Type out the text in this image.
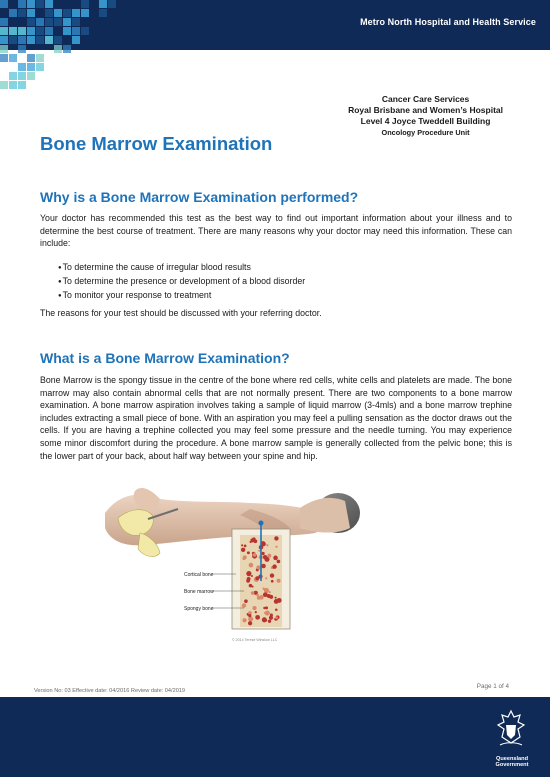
Metro North Hospital and Health Service
Cancer Care Services
Royal Brisbane and Women’s Hospital
Level 4 Joyce Tweddell Building
Oncology Procedure Unit
Bone Marrow Examination
Why is a Bone Marrow Examination performed?

Your doctor has recommended this test as the best way to find out important information about your illness and to determine the best course of treatment. There are many reasons why your doctor may need this information. These can include:

● To determine the cause of irregular blood results
● To determine the presence or development of a blood disorder
● To monitor your response to treatment

The reasons for your test should be discussed with your referring doctor.

What is a Bone Marrow Examination?

Bone Marrow is the spongy tissue in the centre of the bone where red cells, white cells and platelets are made. The bone marrow may also contain abnormal cells that are not normally present. There are two components to a bone marrow examination. A bone marrow aspiration involves taking a sample of liquid marrow (3-4mls) and a bone marrow trephine includes extracting a small piece of bone. With an aspiration you may feel a pulling sensation as the doctor draws out the cells. If you are having a trephine collected you may feel some pressure and the needle turning. You may experience some minor discomfort during the procedure. A bone marrow sample is generally collected from the pelvic bone; this is the lower part of your back, about half way between your spine and hip.

Cortical bone
Bone marrow
Spongy bone
© 2014 Terese Winslow LLC
Version No: 03 Effective date: 04/2016 Review date: 04/2019
Page 1 of 4
Queensland
Government
